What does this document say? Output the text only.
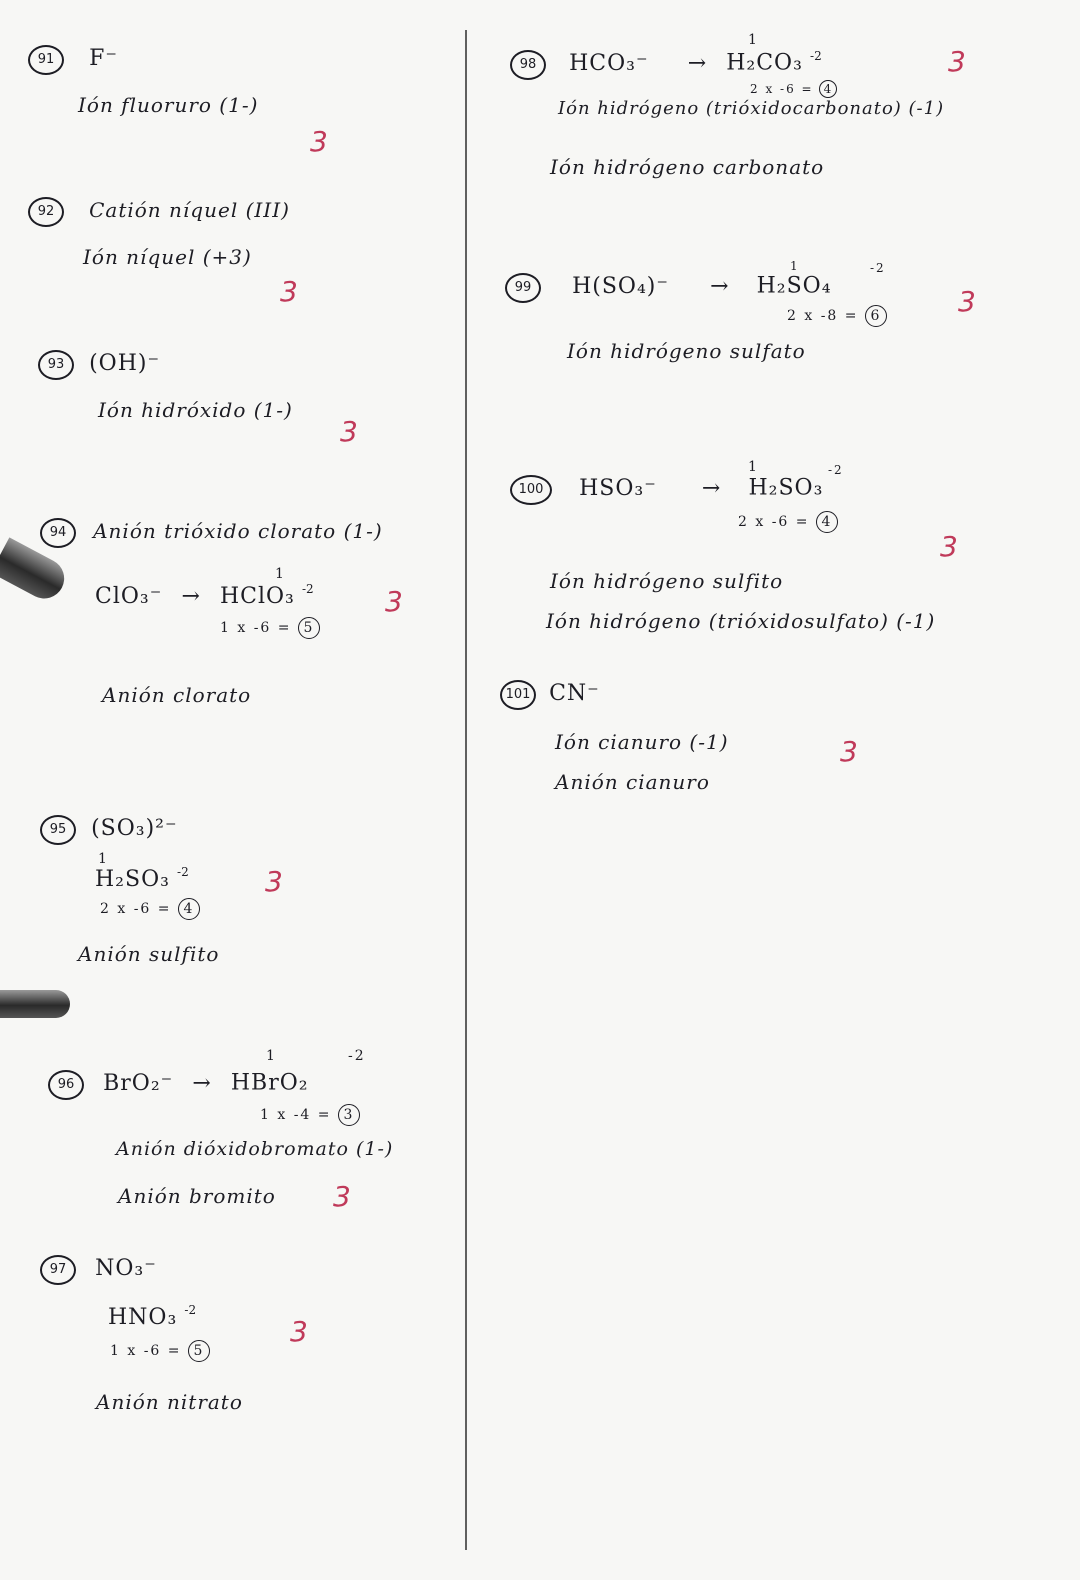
91 F⁻
Ión fluoruro (1-)
3
92 Catión níquel (III)
Ión níquel (+3)
3
93 (OH)⁻
Ión hidróxido (1-)
3
94 Anión trióxido clorato (1-)
ClO₃⁻ →
1
HClO₃ $^{-2}$
1 x -6 = 5
Anión clorato
3
95 (SO₃)²⁻
1
H₂SO₃ $^{-2}$
2 x -6 = 4
Anión sulfito
3
1	-2
96 BrO₂⁻ → HBrO₂
1 x -4 = 3
Anión dióxidobromato (1-)
Anión bromito	3
97 NO₃⁻
HNO₃ $^{-2}$
1 x -6 = 5
Anión nitrato
3
1
98 HCO₃⁻ → H₂CO₃ $^{-2}$
2 x -6 = 4
Ión hidrógeno (trióxidocarbonato) (-1)
Ión hidrógeno carbonato
3
1	-2
99 H(SO₄)⁻ → H₂SO₄
2 x -8 = 6
Ión hidrógeno sulfato
3
1	-2
100 HSO₃⁻ → H₂SO₃
2 x -6 = 4
Ión hidrógeno sulfito
Ión hidrógeno (trióxidosulfato) (-1)
3
101 CN⁻
Ión cianuro (-1)
Anión cianuro
3
